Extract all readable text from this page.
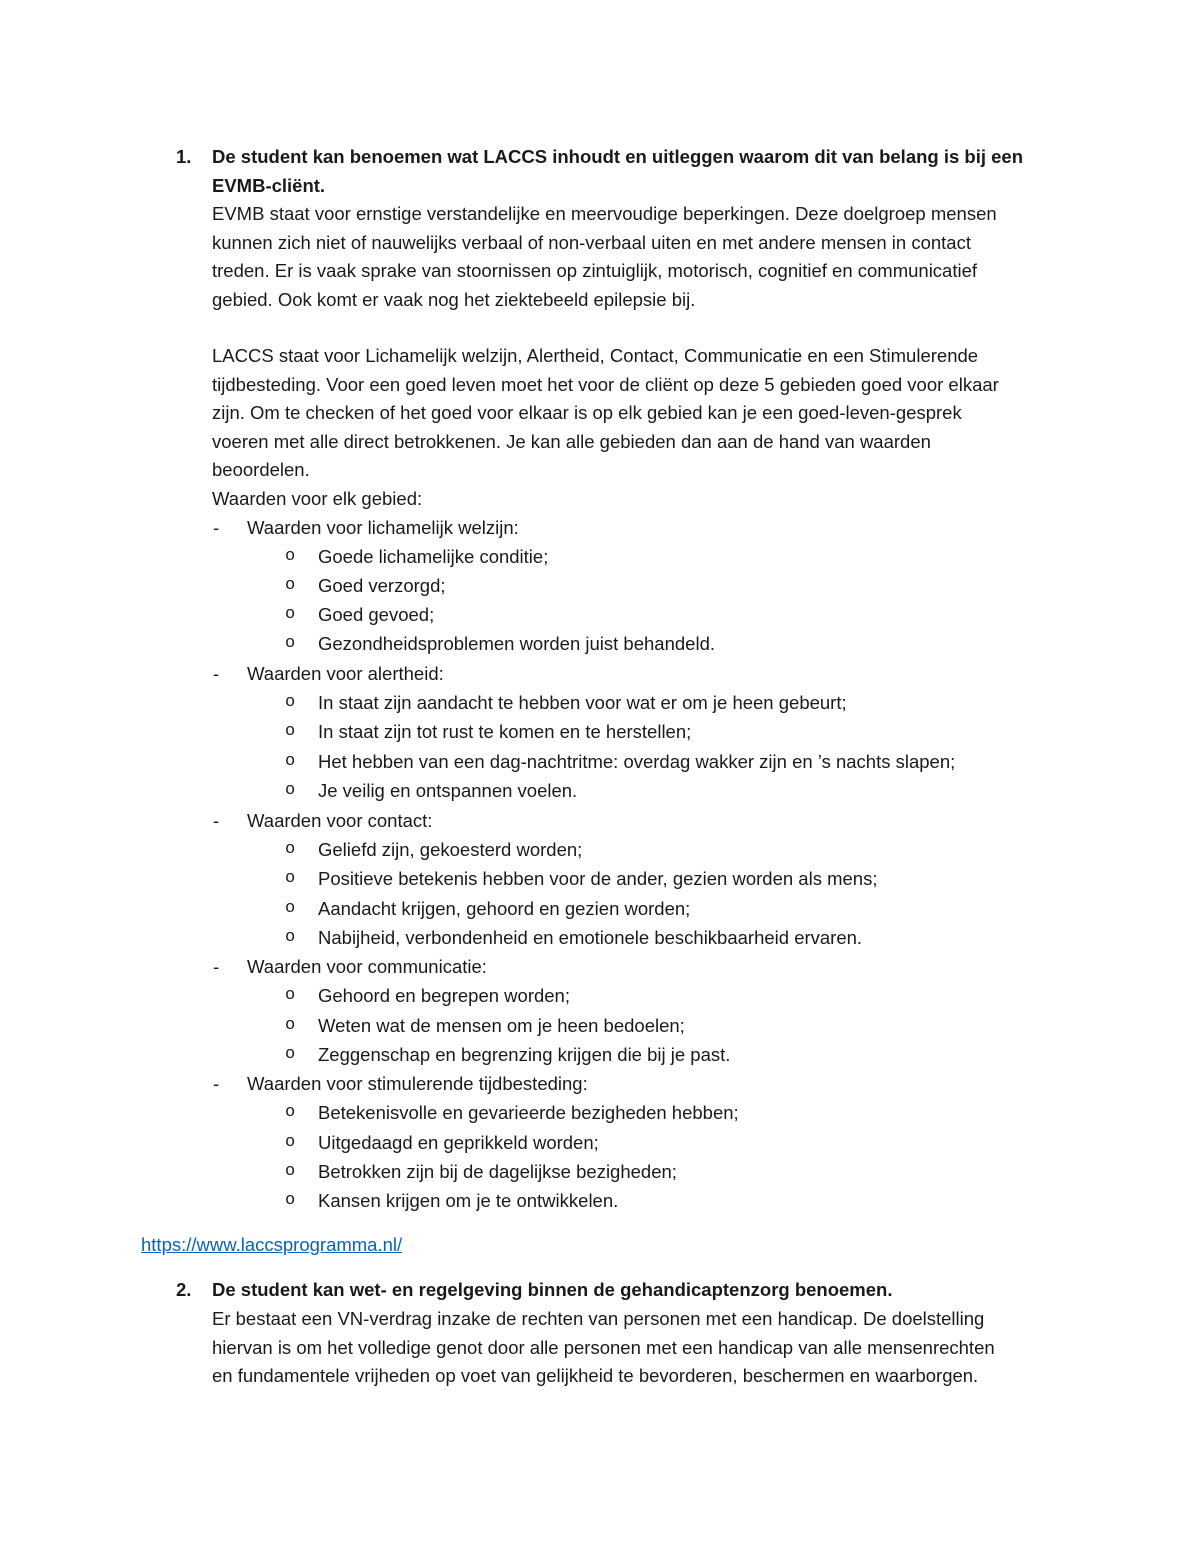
1. De student kan benoemen wat LACCS inhoudt en uitleggen waarom dit van belang is bij een
EVMB-cliënt.
EVMB staat voor ernstige verstandelijke en meervoudige beperkingen. Deze doelgroep mensen
kunnen zich niet of nauwelijks verbaal of non-verbaal uiten en met andere mensen in contact
treden. Er is vaak sprake van stoornissen op zintuiglijk, motorisch, cognitief en communicatief
gebied. Ook komt er vaak nog het ziektebeeld epilepsie bij.
LACCS staat voor Lichamelijk welzijn, Alertheid, Contact, Communicatie en een Stimulerende
tijdbesteding. Voor een goed leven moet het voor de cliënt op deze 5 gebieden goed voor elkaar
zijn. Om te checken of het goed voor elkaar is op elk gebied kan je een goed-leven-gesprek
voeren met alle direct betrokkenen. Je kan alle gebieden dan aan de hand van waarden
beoordelen.
Waarden voor elk gebied:
- Waarden voor lichamelijk welzijn:
o Goede lichamelijke conditie;
o Goed verzorgd;
o Goed gevoed;
o Gezondheidsproblemen worden juist behandeld.
- Waarden voor alertheid:
o In staat zijn aandacht te hebben voor wat er om je heen gebeurt;
o In staat zijn tot rust te komen en te herstellen;
o Het hebben van een dag-nachtritme: overdag wakker zijn en ’s nachts slapen;
o Je veilig en ontspannen voelen.
- Waarden voor contact:
o Geliefd zijn, gekoesterd worden;
o Positieve betekenis hebben voor de ander, gezien worden als mens;
o Aandacht krijgen, gehoord en gezien worden;
o Nabijheid, verbondenheid en emotionele beschikbaarheid ervaren.
- Waarden voor communicatie:
o Gehoord en begrepen worden;
o Weten wat de mensen om je heen bedoelen;
o Zeggenschap en begrenzing krijgen die bij je past.
- Waarden voor stimulerende tijdbesteding:
o Betekenisvolle en gevarieerde bezigheden hebben;
o Uitgedaagd en geprikkeld worden;
o Betrokken zijn bij de dagelijkse bezigheden;
o Kansen krijgen om je te ontwikkelen.
https://www.laccsprogramma.nl/
2. De student kan wet- en regelgeving binnen de gehandicaptenzorg benoemen.
Er bestaat een VN-verdrag inzake de rechten van personen met een handicap. De doelstelling
hiervan is om het volledige genot door alle personen met een handicap van alle mensenrechten
en fundamentele vrijheden op voet van gelijkheid te bevorderen, beschermen en waarborgen.
